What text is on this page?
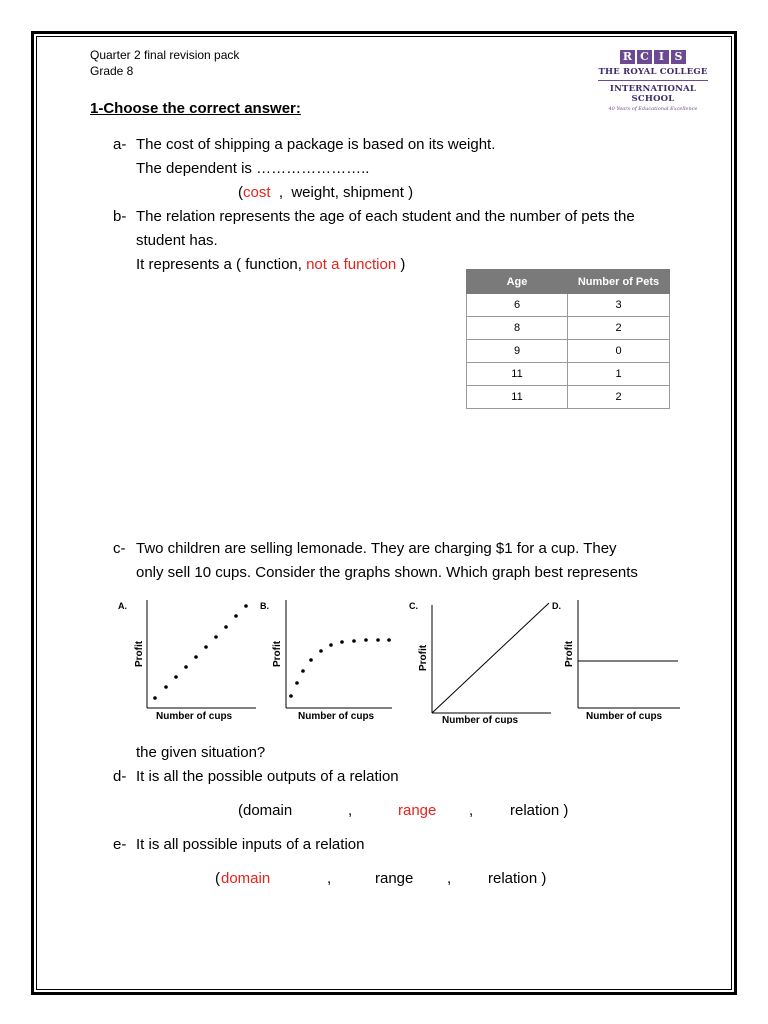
Quarter 2 final revision pack
Grade 8
R C I S
THE ROYAL COLLEGE
INTERNATIONAL SCHOOL
40 Years of Educational Excellence
1-Choose the correct answer:
a- The cost of shipping a package is based on its weight.
The dependent is …………………..
(cost  ,  weight, shipment )
b- The relation represents the age of each student and the number of pets the
student has.
It represents a ( function, not a function )
Age	Number of Pets
6	3
8	2
9	0
11	1
11	2
c- Two children are selling lemonade. They are charging $1 for a cup. They
only sell 10 cups. Consider the graphs shown. Which graph best represents
A.
Profit
Number of cups
B.
Profit
Number of cups
C.
Profit
Number of cups
D.
Profit
Number of cups
the given situation?
d- It is all the possible outputs of a relation
(domain	,	range , relation )
e- It is all possible inputs of a relation
( domain	,	range , relation )
